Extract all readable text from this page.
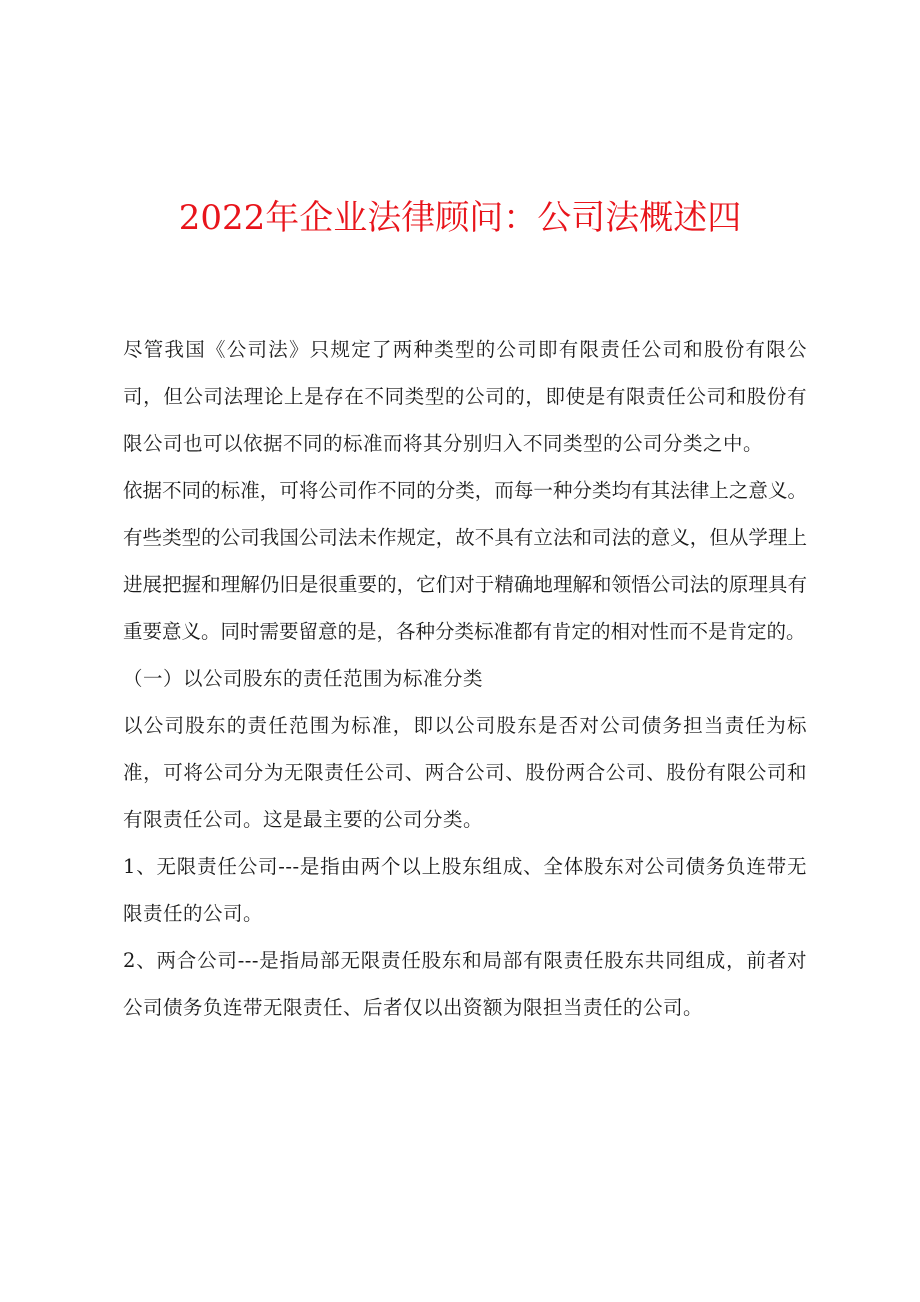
2022年企业法律顾问：公司法概述四

尽管我国《公司法》只规定了两种类型的公司即有限责任公司和股份有限公司，但公司法理论上是存在不同类型的公司的，即使是有限责任公司和股份有限公司也可以依据不同的标准而将其分别归入不同类型的公司分类之中。

依据不同的标准，可将公司作不同的分类，而每一种分类均有其法律上之意义。有些类型的公司我国公司法未作规定，故不具有立法和司法的意义，但从学理上进展把握和理解仍旧是很重要的，它们对于精确地理解和领悟公司法的原理具有重要意义。同时需要留意的是，各种分类标准都有肯定的相对性而不是肯定的。

（一）以公司股东的责任范围为标准分类

以公司股东的责任范围为标准，即以公司股东是否对公司债务担当责任为标准，可将公司分为无限责任公司、两合公司、股份两合公司、股份有限公司和有限责任公司。这是最主要的公司分类。

1、无限责任公司---是指由两个以上股东组成、全体股东对公司债务负连带无限责任的公司。

2、两合公司---是指局部无限责任股东和局部有限责任股东共同组成，前者对公司债务负连带无限责任、后者仅以出资额为限担当责任的公司。
